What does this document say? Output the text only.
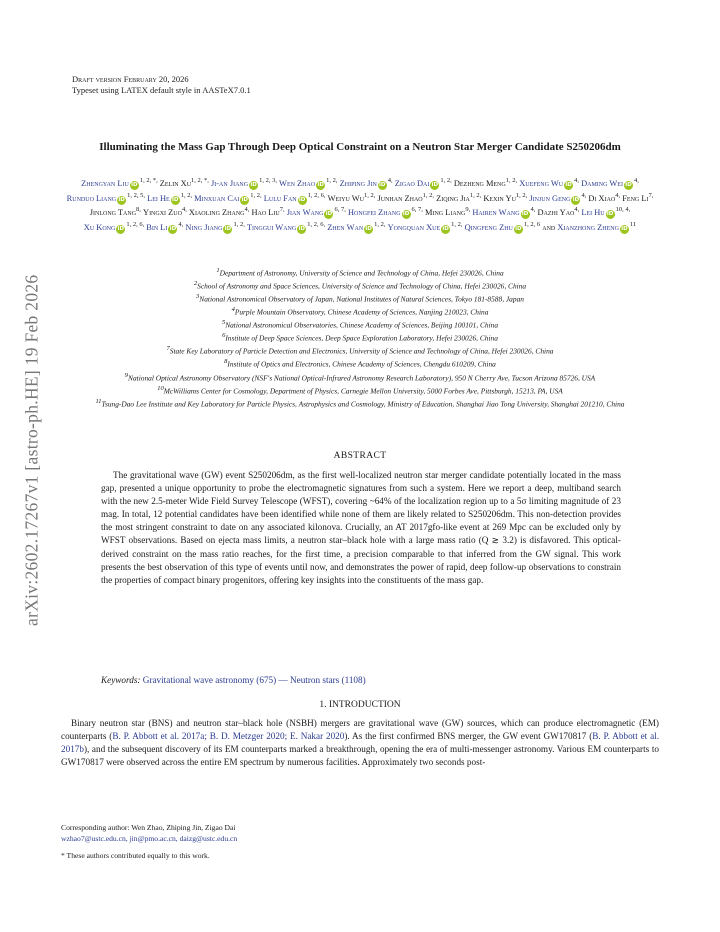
arXiv:2602.17267v1 [astro-ph.HE] 19 Feb 2026
Draft version February 20, 2026
Typeset using LATEX default style in AASTeX7.0.1
Illuminating the Mass Gap Through Deep Optical Constraint on a Neutron Star Merger Candidate S250206dm
Zhengyan Liu $iD^{1, 2, *,}$ Zelin $Xu^{1, 2, *,}$ Ji-an Jiang $iD^{1, 2, 3,}$ Wen Zhao $iD^{1, 2,}$ Zhiping Jin $iD^{4,}$ Zigao Dai $iD^{1, 2,}$ Dezheng Meng$^{1, 2,}$ Xuefeng Wu $iD^{4,}$ Daming Wei $iD^{4,}$ Runduo Liang $iD^{1, 2, 5,}$ Lei He $iD^{1, 2,}$ Minxuan Cai $iD^{1, 2,}$ Lulu Fan $iD^{1, 2, 6,}$ Weiyu $Wu^{1, 2,}$ Junhan Zhao$^{1, 2,}$ Ziqing Jia$^{1, 2,}$ Kexin $Yu^{1, 2,}$ Jinjun Geng $iD^{4,}$ Di Xiao$^{4,}$ Feng $Li^{7,}$ Jinlong Tang$^{8,}$ Yingxi Zuo$^{4,}$ Xiaoling Zhang$^{4,}$ Hao Liu$^{7,}$ Jian Wang $iD^{6, 7,}$ Hongfei Zhang $iD^{6, 7,}$ Ming Liang$^{9,}$ Hairen Wang $iD^{4,}$ Dazhi Yao$^{4,}$ Lei Hu $iD^{10, 4,}$ Xu Kong $iD^{1, 2, 6,}$ Bin Li $iD^{4,}$ Ning Jiang $iD^{1, 2,}$ Tinggui Wang $iD^{1, 2, 6,}$ Zhen Wan $iD^{1, 2,}$ Yongquan Xue $iD^{1, 2,}$ Qingfeng Zhu iD$^{1, 2, 6}$ and Xianzhong Zheng $iD^{11}$
$^1$Department of Astronomy, University of Science and Technology of China, Hefei 230026, China
$^2$School of Astronomy and Space Sciences, University of Science and Technology of China, Hefei 230026, China
$^3$National Astronomical Observatory of Japan, National Institutes of Natural Sciences, Tokyo 181-8588, Japan
$^4$Purple Mountain Observatory, Chinese Academy of Sciences, Nanjing 210023, China
$^5$National Astronomical Observatories, Chinese Academy of Sciences, Beijing 100101, China
$^6$Institute of Deep Space Sciences, Deep Space Exploration Laboratory, Hefei 230026, China
$^7$State Key Laboratory of Particle Detection and Electronics, University of Science and Technology of China, Hefei 230026, China
$^8$Institute of Optics and Electronics, Chinese Academy of Sciences, Chengdu 610209, China
$^9$National Optical Astronomy Observatory (NSF's National Optical-Infrared Astronomy Research Laboratory), 950 N Cherry Ave, Tucson Arizona 85726, USA
$^{10}$McWilliams Center for Cosmology, Department of Physics, Carnegie Mellon University, 5000 Forbes Ave, Pittsburgh, 15213, PA, USA
$^{11}$Tsung-Dao Lee Institute and Key Laboratory for Particle Physics, Astrophysics and Cosmology, Ministry of Education, Shanghai Jiao Tong University, Shanghai 201210, China
ABSTRACT

The gravitational wave (GW) event S250206dm, as the first well-localized neutron star merger candidate potentially located in the mass gap, presented a unique opportunity to probe the electromagnetic signatures from such a system. Here we report a deep, multiband search with the new 2.5-meter Wide Field Survey Telescope (WFST), covering ~64% of the localization region up to a 5σ limiting magnitude of 23 mag. In total, 12 potential candidates have been identified while none of them are likely related to S250206dm. This non-detection provides the most stringent constraint to date on any associated kilonova. Crucially, an AT 2017gfo-like event at 269 Mpc can be excluded only by WFST observations. Based on ejecta mass limits, a neutron star–black hole with a large mass ratio (Q ≳ 3.2) is disfavored. This optical-derived constraint on the mass ratio reaches, for the first time, a precision comparable to that inferred from the GW signal. This work presents the best observation of this type of events until now, and demonstrates the power of rapid, deep follow-up observations to constrain the properties of compact binary progenitors, offering key insights into the constituents of the mass gap.

Keywords: Gravitational wave astronomy (675) — Neutron stars (1108)
1. INTRODUCTION

Binary neutron star (BNS) and neutron star–black hole (NSBH) mergers are gravitational wave (GW) sources, which can produce electromagnetic (EM) counterparts (B. P. Abbott et al. 2017a; B. D. Metzger 2020; E. Nakar 2020). As the first confirmed BNS merger, the GW event GW170817 (B. P. Abbott et al. 2017b), and the subsequent discovery of its EM counterparts marked a breakthrough, opening the era of multi-messenger astronomy. Various EM counterparts to GW170817 were observed across the entire EM spectrum by numerous facilities. Approximately two seconds post-

Corresponding author: Wen Zhao, Zhiping Jin, Zigao Dai
wzhao7@ustc.edu.cn, jin@pmo.ac.cn, daizg@ustc.edu.cn
* These authors contributed equally to this work.
